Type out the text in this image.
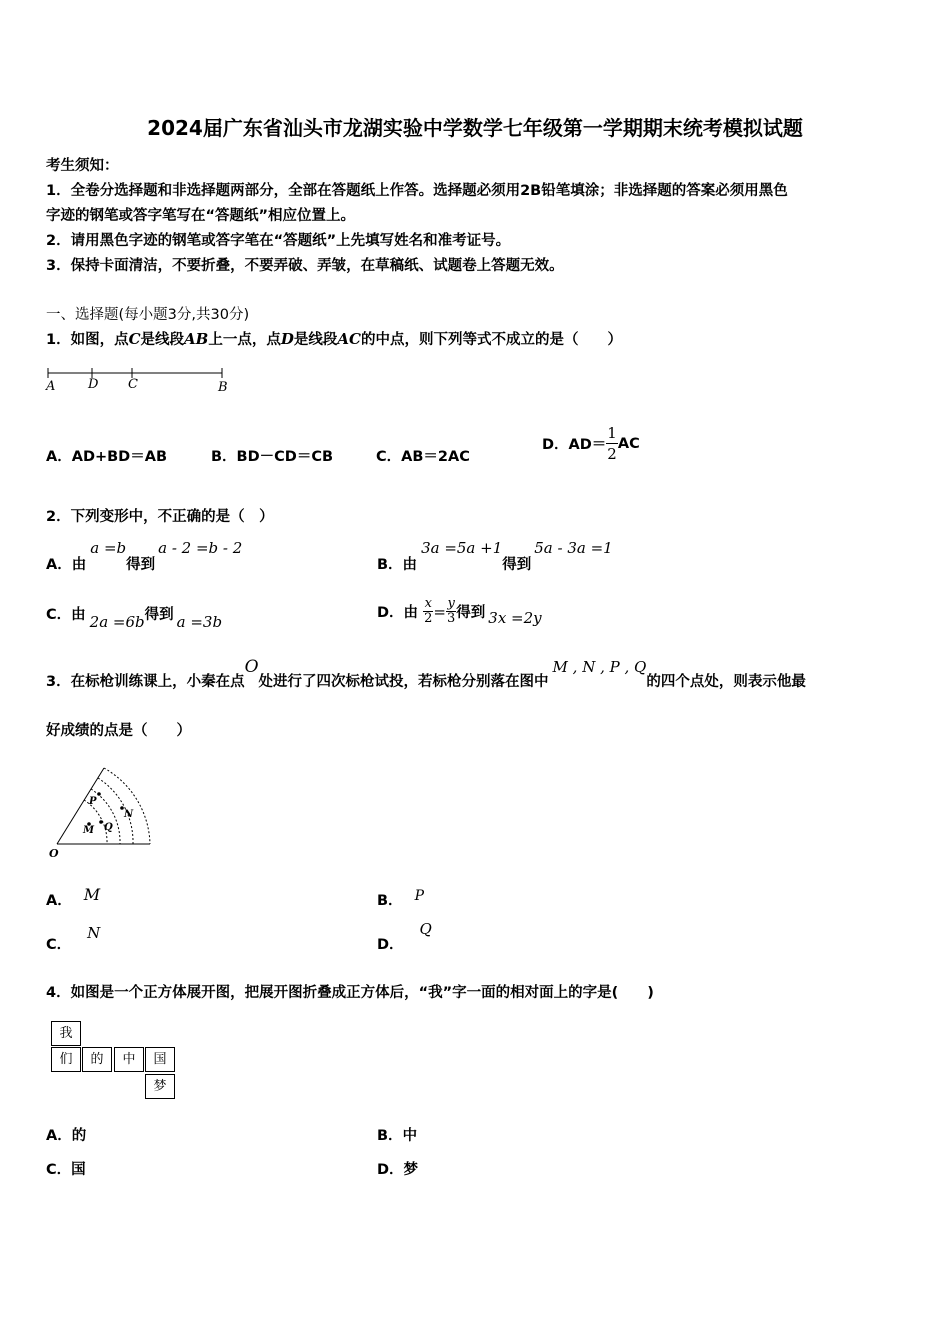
2024届广东省汕头市龙湖实验中学数学七年级第一学期期末统考模拟试题
考生须知：
1．全卷分选择题和非选择题两部分，全部在答题纸上作答。选择题必须用2B铅笔填涂；非选择题的答案必须用黑色
字迹的钢笔或答字笔写在“答题纸”相应位置上。
2．请用黑色字迹的钢笔或答字笔在“答题纸”上先填写姓名和准考证号。
3．保持卡面清洁，不要折叠，不要弄破、弄皱，在草稿纸、试题卷上答题无效。
一、选择题(每小题3分,共30分)
1．如图，点C是线段AB上一点，点D是线段AC的中点，则下列等式不成立的是（　　）
A	D C	B
A．AD+BD＝AB	B．BD－CD＝CB	C．AB＝2AC
D．$AD= \frac{1}{2}$ AC
2．下列变形中，不正确的是（　）
A．由a =b得到a - 2 =b - 2
B．由3a =5a +1得到5a - 3a =1
C．由 2a =6b得到 a =3b	D．由 $\frac{x}{2} = \frac{y}{3}$ 得到 3x =2y
3．在标枪训练课上，小秦在点O处进行了四次标枪试投，若标枪分别落在图中M , N , P , Q的四个点处，则表示他最
好成绩的点是（　　）
O
P
M Q
N
A． M	B． P
C．N
D．Q
4．如图是一个正方体展开图，把展开图折叠成正方体后，“我”字一面的相对面上的字是(　　)
我
们	的	中	国
梦
A．的	B．中
C．国	D．梦
